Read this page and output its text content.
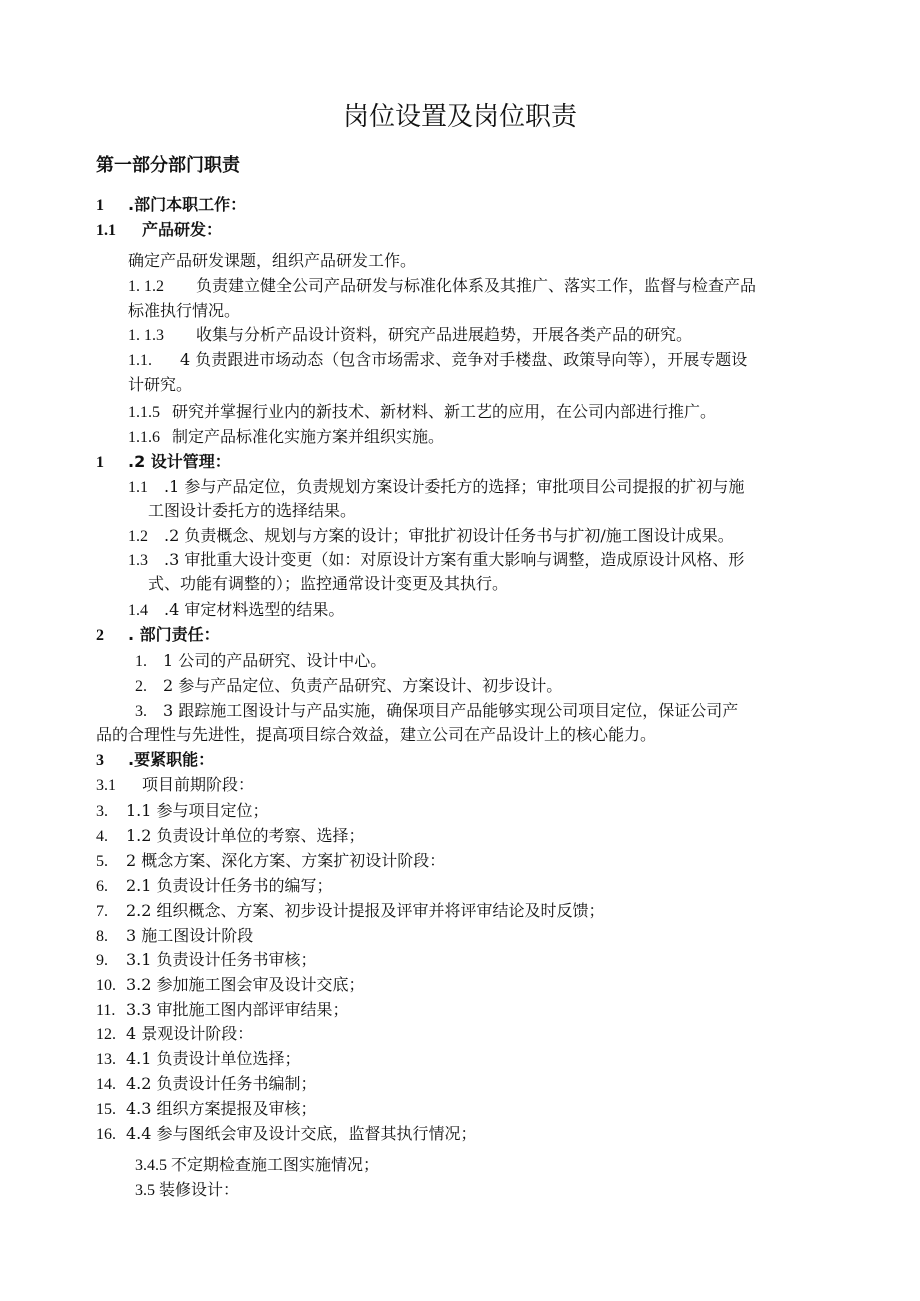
岗位设置及岗位职责
第一部分部门职责
1 .部门本职工作：
1.1 产品研发：
确定产品研发课题，组织产品研发工作。
1. 1.2 负责建立健全公司产品研发与标准化体系及其推广、落实工作，监督与检查产品
标准执行情况。
1. 1.3 收集与分析产品设计资料，研究产品进展趋势，开展各类产品的研究。
1.1. 4 负责跟进市场动态（包含市场需求、竞争对手楼盘、政策导向等），开展专题设
计研究。
1.1.5 研究并掌握行业内的新技术、新材料、新工艺的应用，在公司内部进行推广。
1.1.6 制定产品标准化实施方案并组织实施。
1 .2 设计管理：
1.1 .1 参与产品定位，负责规划方案设计委托方的选择；审批项目公司提报的扩初与施
工图设计委托方的选择结果。
1.2 .2 负责概念、规划与方案的设计；审批扩初设计任务书与扩初/施工图设计成果。
1.3 .3 审批重大设计变更（如：对原设计方案有重大影响与调整，造成原设计风格、形
式、功能有调整的）；监控通常设计变更及其执行。
1.4 .4 审定材料选型的结果。
2 . 部门责任：
1. 1 公司的产品研究、设计中心。
2. 2 参与产品定位、负责产品研究、方案设计、初步设计。
3. 3 跟踪施工图设计与产品实施，确保项目产品能够实现公司项目定位，保证公司产
品的合理性与先进性，提高项目综合效益，建立公司在产品设计上的核心能力。
3 .要紧职能：
3.1 项目前期阶段：
3. 1.1 参与项目定位；
4. 1.2 负责设计单位的考察、选择；
5. 2 概念方案、深化方案、方案扩初设计阶段：
6. 2.1 负责设计任务书的编写；
7. 2.2 组织概念、方案、初步设计提报及评审并将评审结论及时反馈；
8. 3 施工图设计阶段
9. 3.1 负责设计任务书审核；
10. 3.2 参加施工图会审及设计交底；
11. 3.3 审批施工图内部评审结果；
12. 4 景观设计阶段：
13. 4.1 负责设计单位选择；
14. 4.2 负责设计任务书编制；
15. 4.3 组织方案提报及审核；
16. 4.4 参与图纸会审及设计交底，监督其执行情况；
3.4.5 不定期检查施工图实施情况；
3.5 装修设计：
